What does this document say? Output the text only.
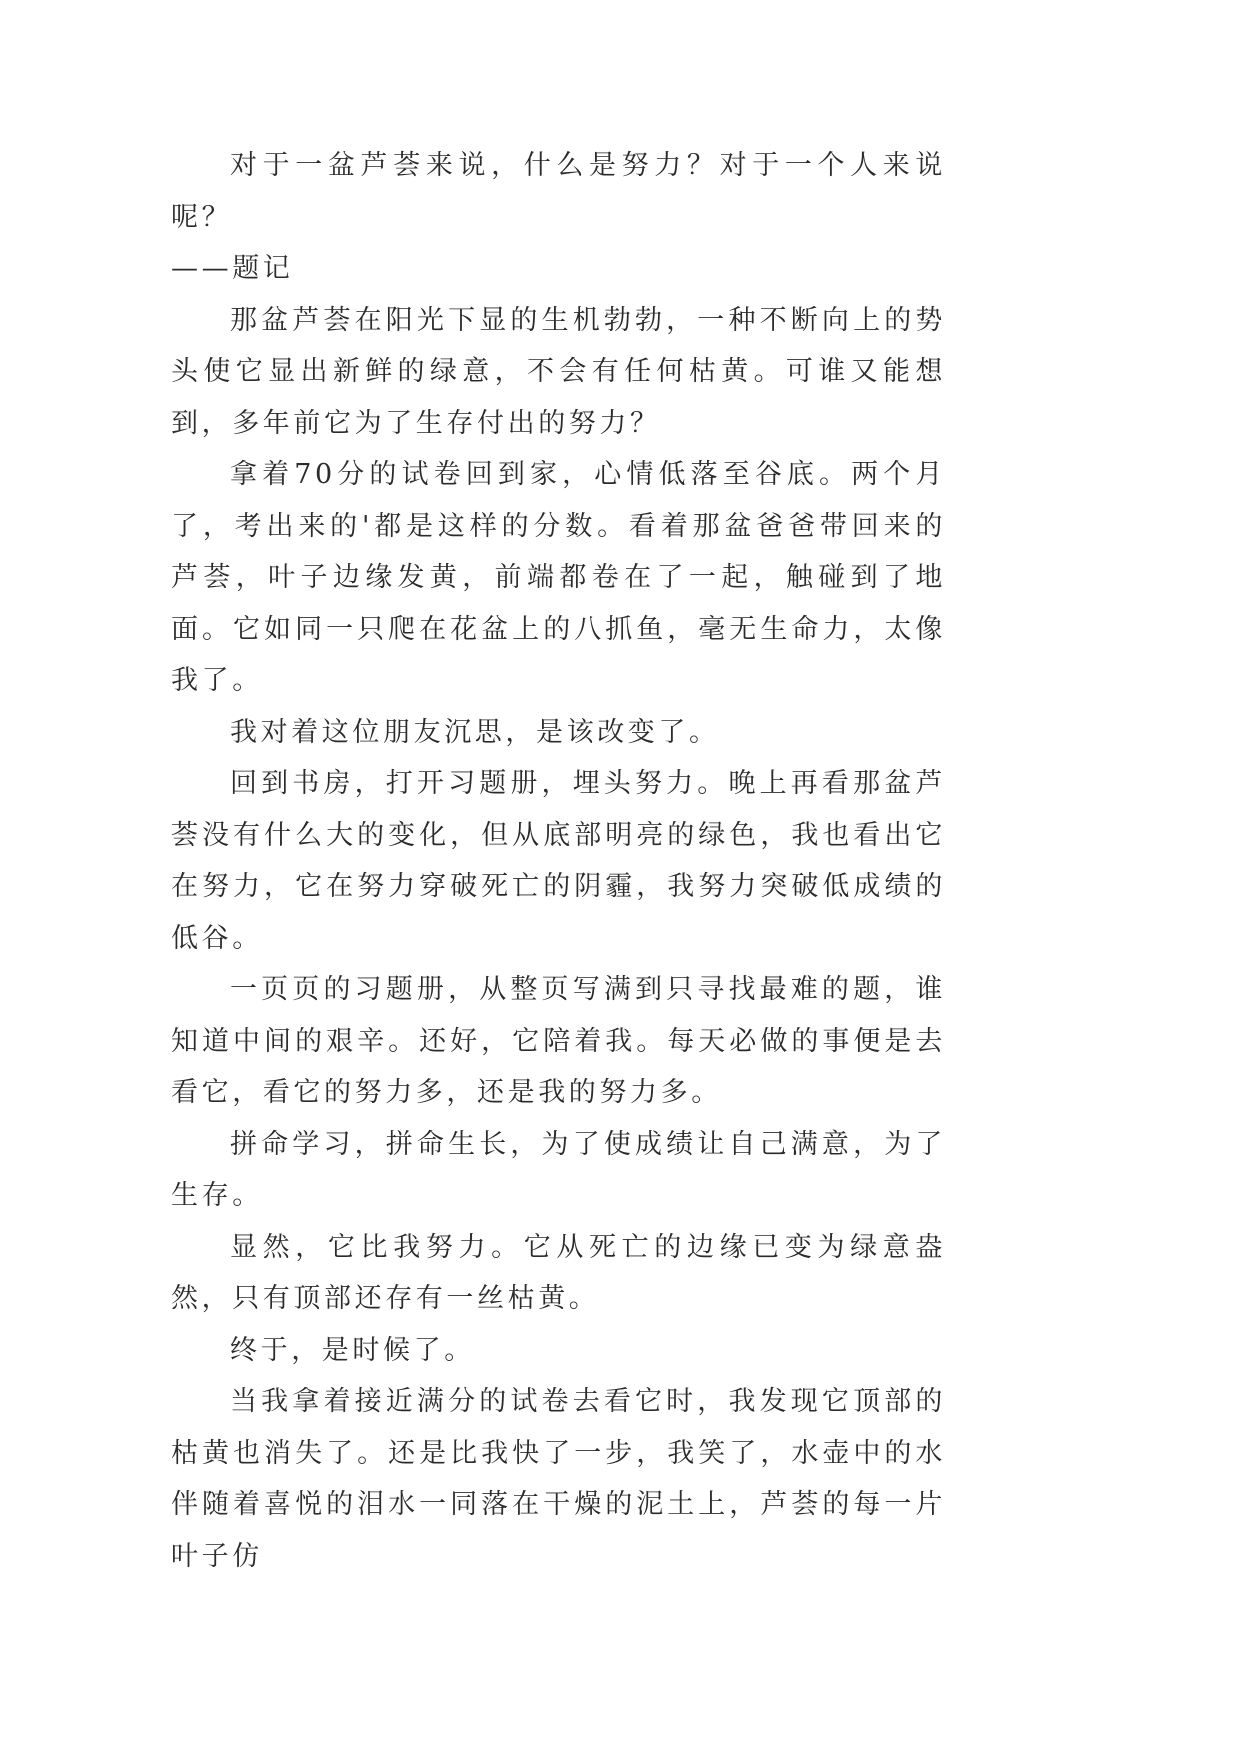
对于一盆芦荟来说，什么是努力？对于一个人来说呢？

——题记

那盆芦荟在阳光下显的生机勃勃，一种不断向上的势头使它显出新鲜的绿意，不会有任何枯黄。可谁又能想到，多年前它为了生存付出的努力？

拿着70分的试卷回到家，心情低落至谷底。两个月了，考出来的'都是这样的分数。看着那盆爸爸带回来的芦荟，叶子边缘发黄，前端都卷在了一起，触碰到了地面。它如同一只爬在花盆上的八抓鱼，毫无生命力，太像我了。

我对着这位朋友沉思，是该改变了。

回到书房，打开习题册，埋头努力。晚上再看那盆芦荟没有什么大的变化，但从底部明亮的绿色，我也看出它在努力，它在努力穿破死亡的阴霾，我努力突破低成绩的低谷。

一页页的习题册，从整页写满到只寻找最难的题，谁知道中间的艰辛。还好，它陪着我。每天必做的事便是去看它，看它的努力多，还是我的努力多。

拼命学习，拼命生长，为了使成绩让自己满意，为了生存。

显然，它比我努力。它从死亡的边缘已变为绿意盎然，只有顶部还存有一丝枯黄。

终于，是时候了。

当我拿着接近满分的试卷去看它时，我发现它顶部的枯黄也消失了。还是比我快了一步，我笑了，水壶中的水伴随着喜悦的泪水一同落在干燥的泥土上，芦荟的每一片叶子仿
